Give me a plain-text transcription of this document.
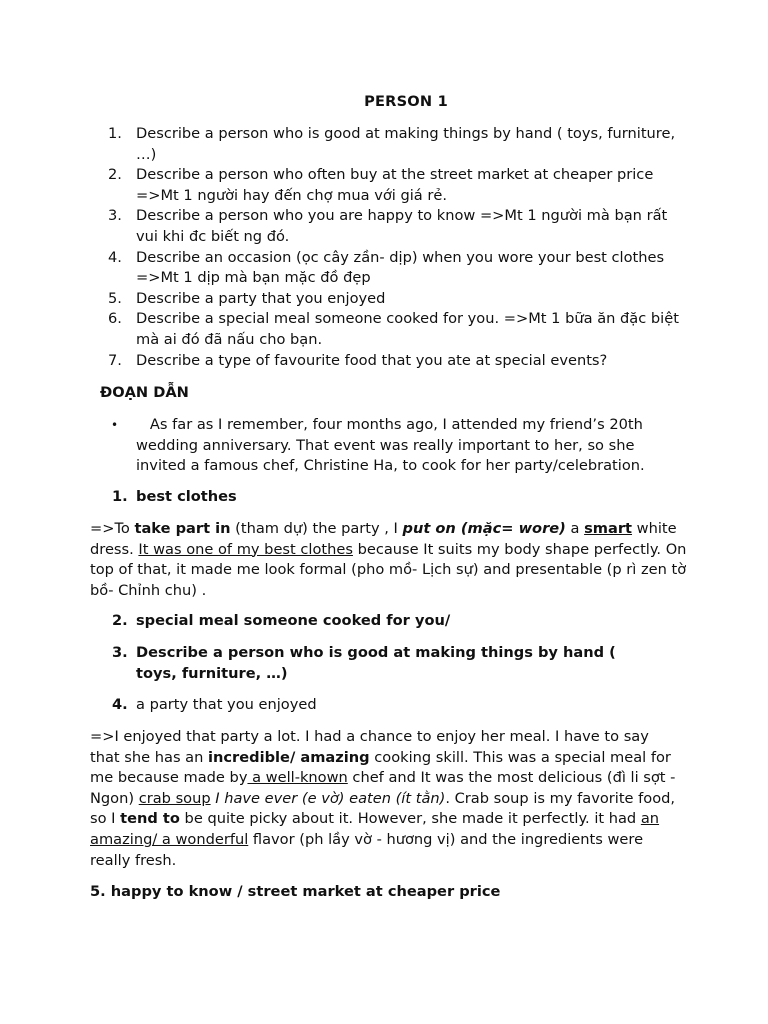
PERSON 1
1. Describe a person who is good at making things by hand ( toys, furniture, …)
2. Describe a person who often buy at the street market at cheaper price =>Mt 1 người hay đến chợ mua với giá rẻ.
3. Describe a person who you are happy to know =>Mt 1 người mà bạn rất vui khi đc biết ng đó.
4. Describe an occasion (ọc cây zần- dịp) when you wore your best clothes =>Mt 1 dịp mà bạn mặc đồ đẹp
5. Describe a party that you enjoyed
6. Describe a special meal someone cooked for you. =>Mt 1 bữa ăn đặc biệt mà ai đó đã nấu cho bạn.
7. Describe a type of favourite food that you ate at special events?
ĐOẠN DẪN
•	As far as I remember, four months ago, I attended my friend’s 20th wedding anniversary. That event was really important to her, so she invited a famous chef, Christine Ha, to cook for her party/celebration.
1. best clothes
=>To take part in (tham dự) the party , I put on (mặc= wore) a smart white dress. It was one of my best clothes because It suits my body shape perfectly. On top of that, it made me look formal (pho mồ- Lịch sự) and presentable (p rì zen tờ bồ- Chỉnh chu) .
2. special meal someone cooked for you/
3. Describe a person who is good at making things by hand ( toys, furniture, …)
4. a party that you enjoyed
=>I enjoyed that party a lot. I had a chance to enjoy her meal. I have to say that she has an incredible/ amazing cooking skill. This was a special meal for me because made by a well-known chef and It was the most delicious (đì li sợt - Ngon) crab soup I have ever (e vờ) eaten (ít tằn). Crab soup is my favorite food, so I tend to be quite picky about it. However, she made it perfectly. it had an amazing/ a wonderful flavor (ph lầy vờ - hương vị) and the ingredients were really fresh.
5. happy to know / street market at cheaper price
